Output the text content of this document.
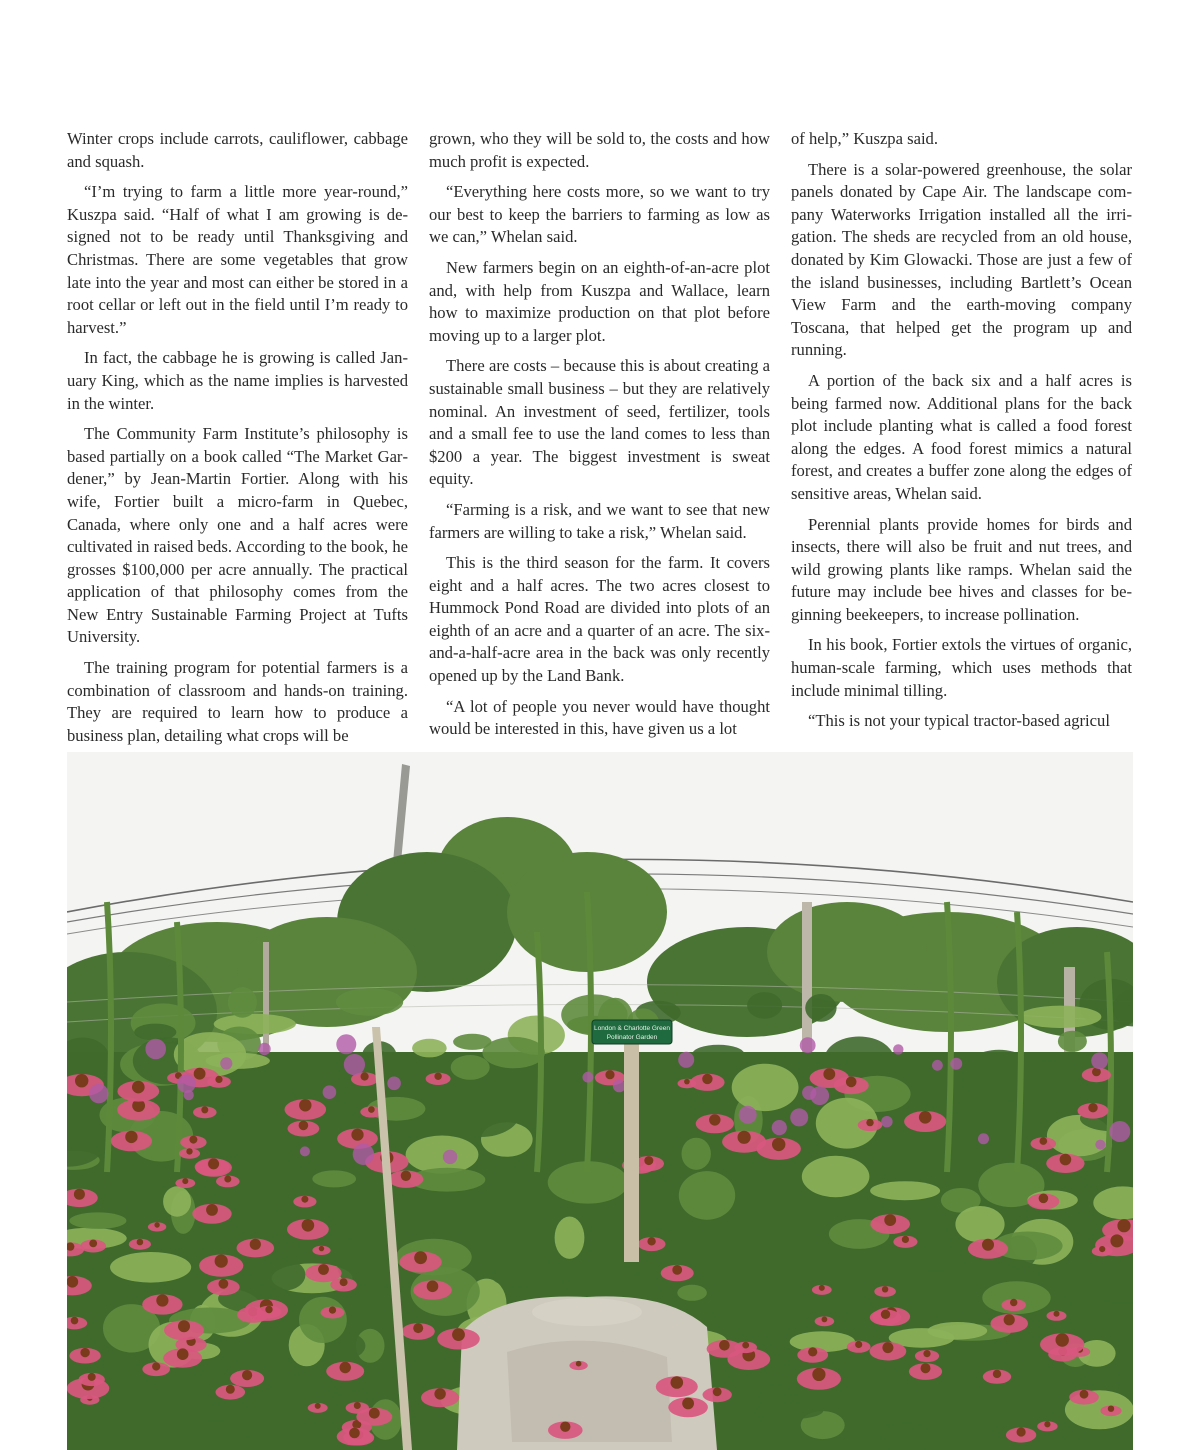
Winter crops include carrots, cauliflower, cabbage and squash.

“I’m trying to farm a little more year-round,” Kuszpa said. “Half of what I am growing is designed not to be ready until Thanksgiving and Christmas. There are some vegetables that grow late into the year and most can either be stored in a root cellar or left out in the field until I’m ready to harvest.”

In fact, the cabbage he is growing is called January King, which as the name implies is harvested in the winter.

The Community Farm Institute’s philosophy is based partially on a book called “The Market Gardener,” by Jean-Martin Fortier. Along with his wife, Fortier built a micro-farm in Quebec, Canada, where only one and a half acres were cultivated in raised beds. According to the book, he grosses $100,000 per acre annually. The practical application of that philosophy comes from the New Entry Sustainable Farming Project at Tufts University.

The training program for potential farmers is a combination of classroom and hands-on training. They are required to learn how to produce a business plan, detailing what crops will be

grown, who they will be sold to, the costs and how much profit is expected.

“Everything here costs more, so we want to try our best to keep the barriers to farming as low as we can,” Whelan said.

New farmers begin on an eighth-of-an-acre plot and, with help from Kuszpa and Wallace, learn how to maximize production on that plot before moving up to a larger plot.

There are costs – because this is about creating a sustainable small business – but they are relatively nominal. An investment of seed, fertilizer, tools and a small fee to use the land comes to less than $200 a year. The biggest investment is sweat equity.

“Farming is a risk, and we want to see that new farmers are willing to take a risk,” Whelan said.

This is the third season for the farm. It covers eight and a half acres. The two acres closest to Hummock Pond Road are divided into plots of an eighth of an acre and a quarter of an acre. The six-and-a-half-acre area in the back was only recently opened up by the Land Bank.

“A lot of people you never would have thought would be interested in this, have given us a lot

of help,” Kuszpa said.

There is a solar-powered greenhouse, the solar panels donated by Cape Air. The landscape company Waterworks Irrigation installed all the irrigation. The sheds are recycled from an old house, donated by Kim Glowacki. Those are just a few of the island businesses, including Bartlett’s Ocean View Farm and the earth-moving company Toscana, that helped get the program up and running.

A portion of the back six and a half acres is being farmed now. Additional plans for the back plot include planting what is called a food forest along the edges. A food forest mimics a natural forest, and creates a buffer zone along the edges of sensitive areas, Whelan said.

Perennial plants provide homes for birds and insects, there will also be fruit and nut trees, and wild growing plants like ramps. Whelan said the future may include bee hives and classes for beginning beekeepers, to increase pollination.

In his book, Fortier extols the virtues of organic, human-scale farming, which uses methods that include minimal tilling.

“This is not your typical tractor-based agricul

London & Charlotte Green
Pollinator Garden
